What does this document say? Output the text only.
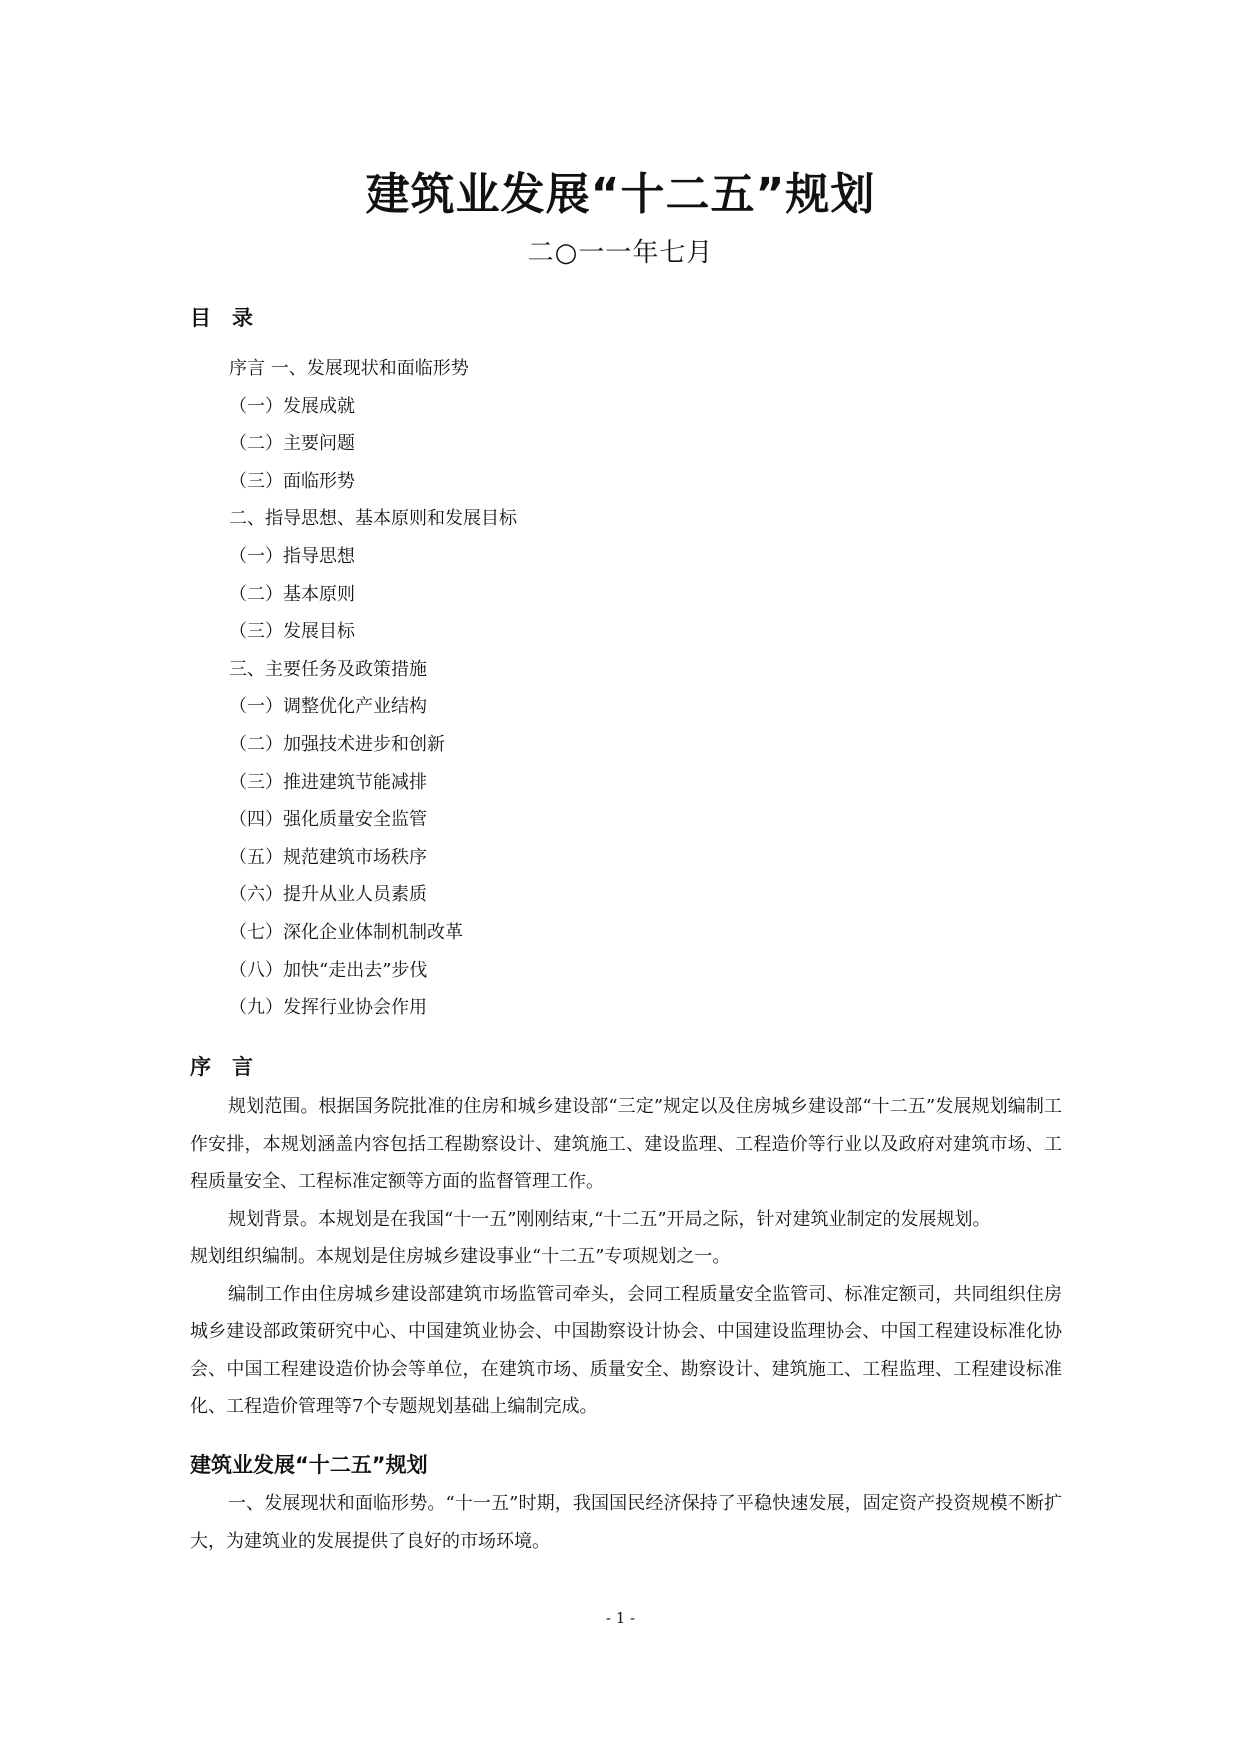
建筑业发展“十二五”规划
二○一一年七月
目　录
序言 一、发展现状和面临形势
（一）发展成就
（二）主要问题
（三）面临形势
二、指导思想、基本原则和发展目标
（一）指导思想
（二）基本原则
（三）发展目标
三、主要任务及政策措施
（一）调整优化产业结构
（二）加强技术进步和创新
（三）推进建筑节能减排
（四）强化质量安全监管
（五）规范建筑市场秩序
（六）提升从业人员素质
（七）深化企业体制机制改革
（八）加快“走出去”步伐
（九）发挥行业协会作用
序　言

规划范围。根据国务院批准的住房和城乡建设部“三定”规定以及住房城乡建设部“十二五”发展规划编制工作安排，本规划涵盖内容包括工程勘察设计、建筑施工、建设监理、工程造价等行业以及政府对建筑市场、工程质量安全、工程标准定额等方面的监督管理工作。

规划背景。本规划是在我国“十一五”刚刚结束,“十二五”开局之际，针对建筑业制定的发展规划。

规划组织编制。本规划是住房城乡建设事业“十二五”专项规划之一。

编制工作由住房城乡建设部建筑市场监管司牵头，会同工程质量安全监管司、标准定额司，共同组织住房城乡建设部政策研究中心、中国建筑业协会、中国勘察设计协会、中国建设监理协会、中国工程建设标准化协会、中国工程建设造价协会等单位，在建筑市场、质量安全、勘察设计、建筑施工、工程监理、工程建设标准化、工程造价管理等7个专题规划基础上编制完成。

建筑业发展“十二五”规划

一、发展现状和面临形势。“十一五”时期，我国国民经济保持了平稳快速发展，固定资产投资规模不断扩大，为建筑业的发展提供了良好的市场环境。

- 1 -
